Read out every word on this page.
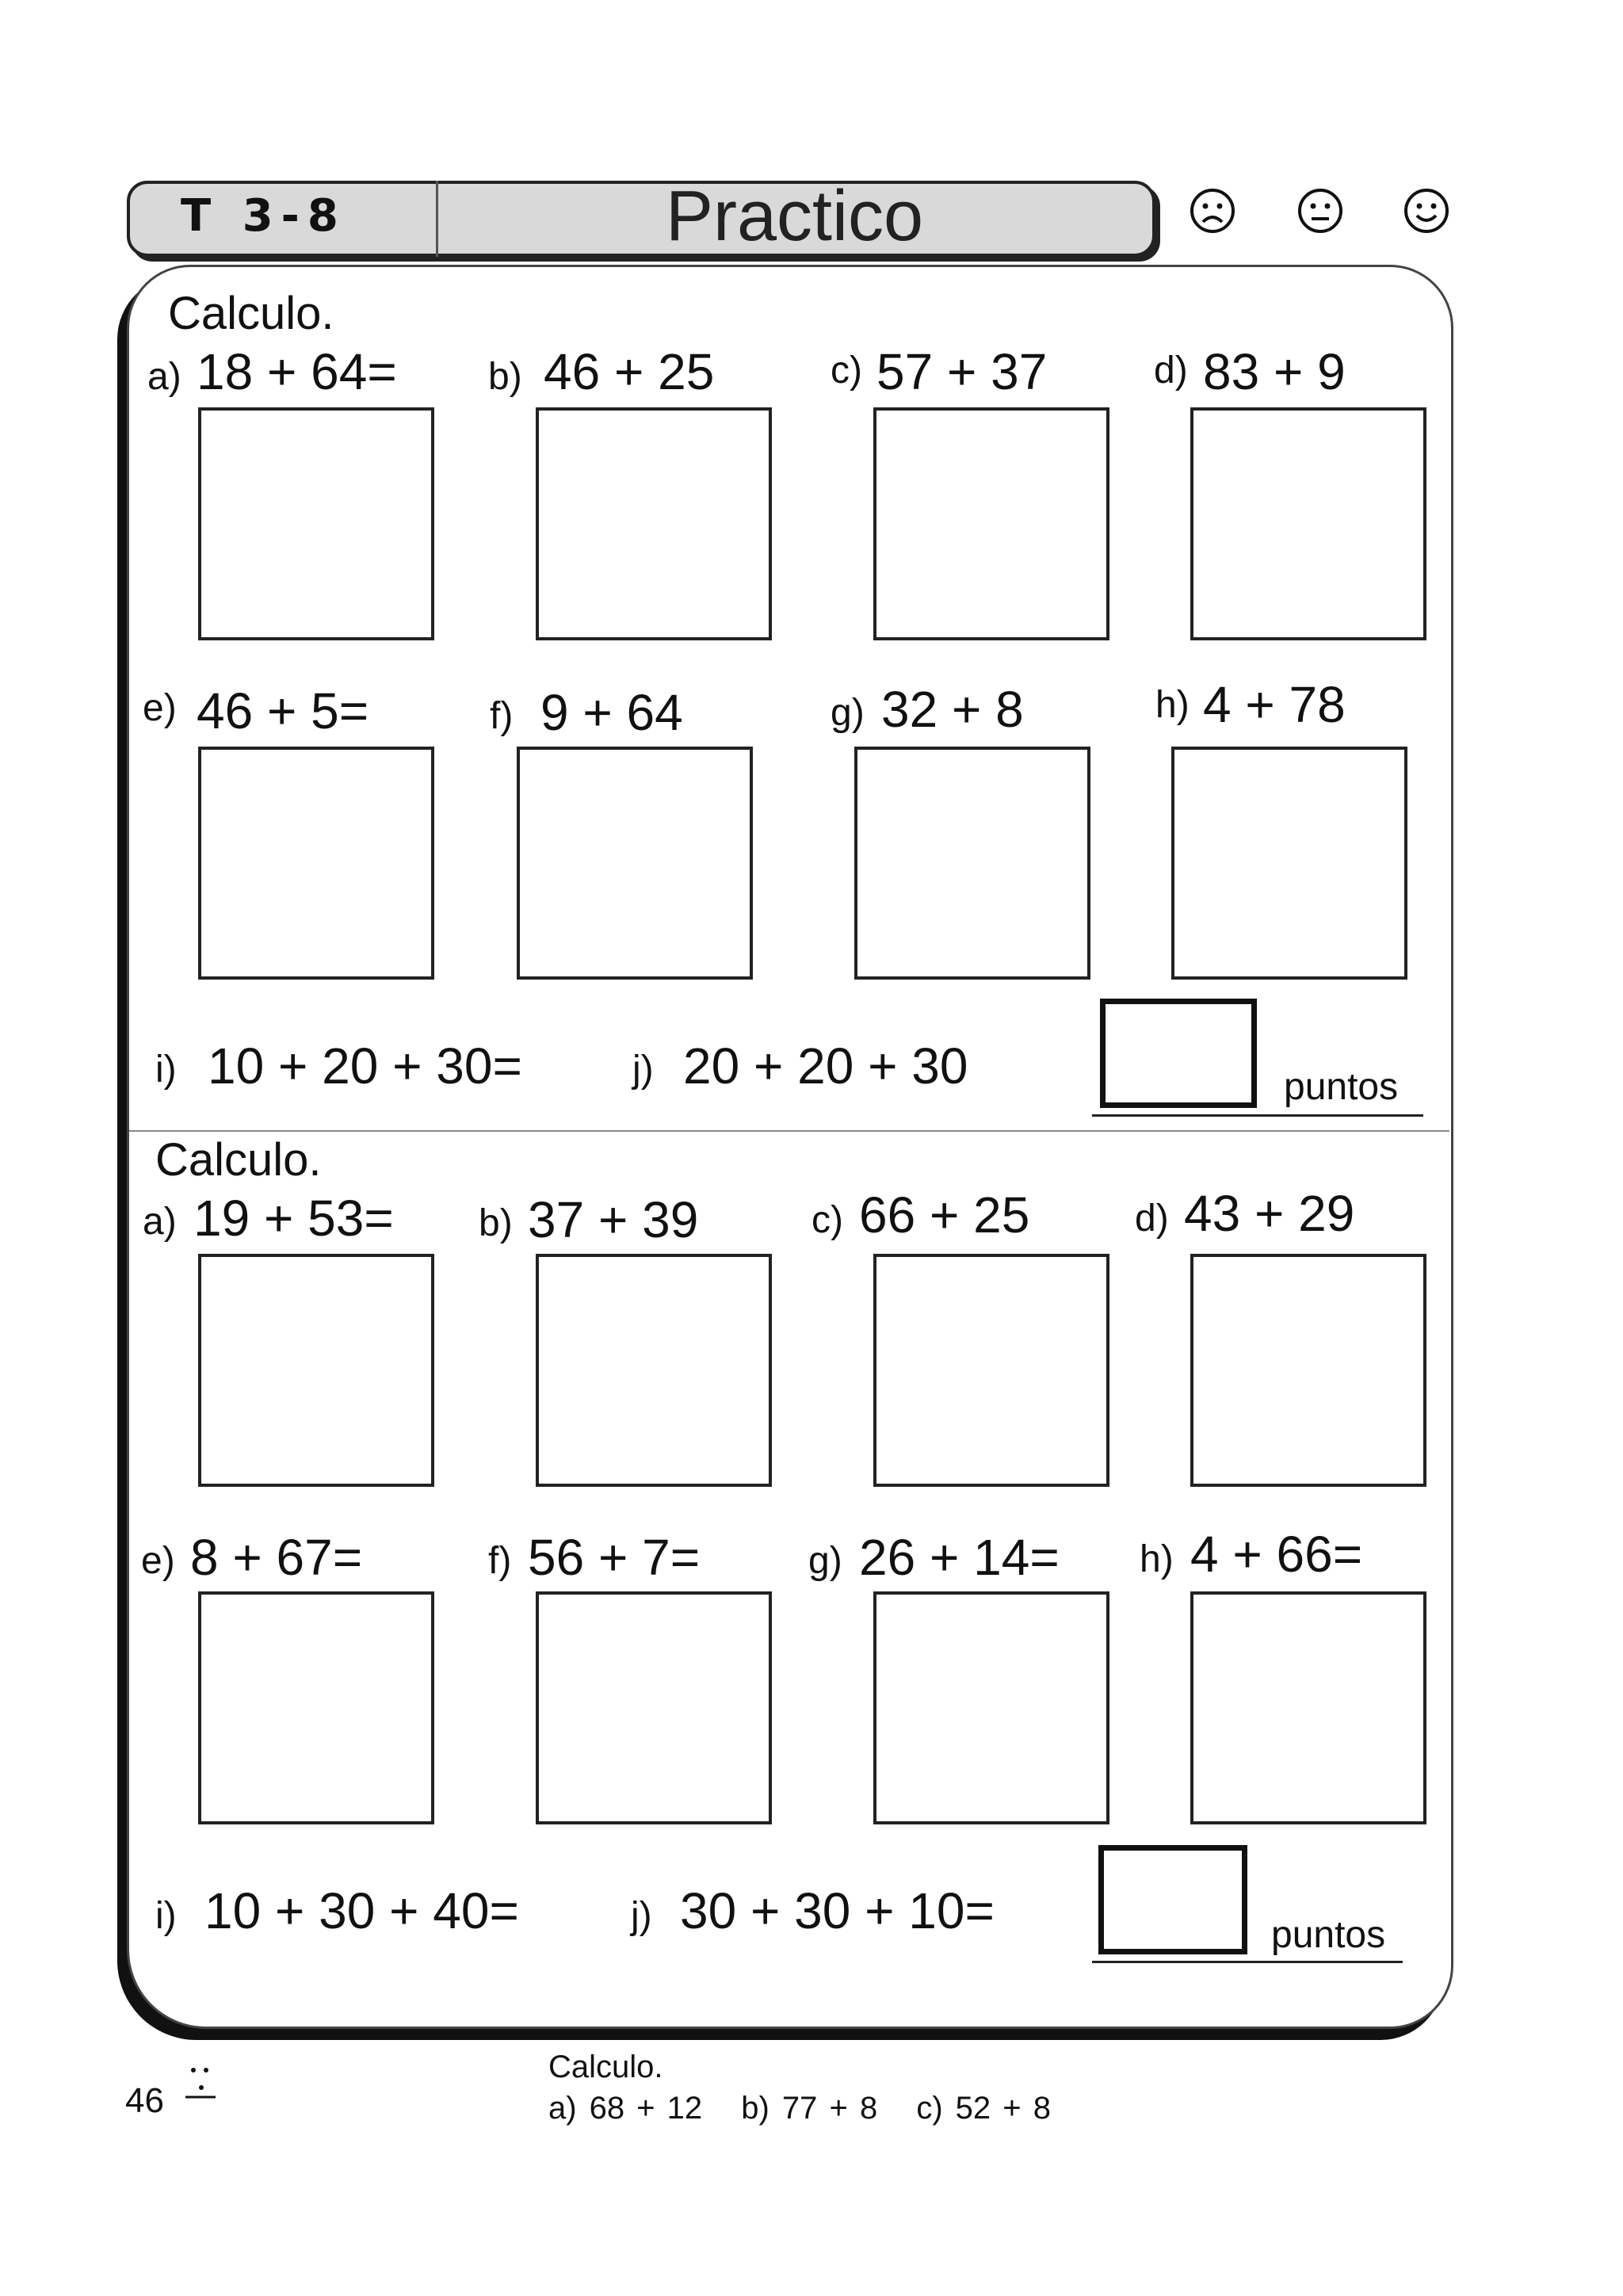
T 3-8	Practico
Calculo.
a) 18 + 64= b) 46 + 25	c) 57 + 37	d) 83 + 9
e) 46 + 5=	f) 9 + 64	g) 32 + 8	h) 4 + 78
i) 10 + 20 + 30=	j) 20 + 20 + 30	puntos
Calculo.
a) 19 + 53= b) 37 + 39	c) 66 + 25	d) 43 + 29
e) 8 + 67=	f) 56 + 7=	g) 26 + 14= h) 4 + 66=
i) 10 + 30 + 40=	j) 30 + 30 + 10=	puntos
46
Calculo.
a) 68 + 12 b) 77 + 8 c) 52 + 8
